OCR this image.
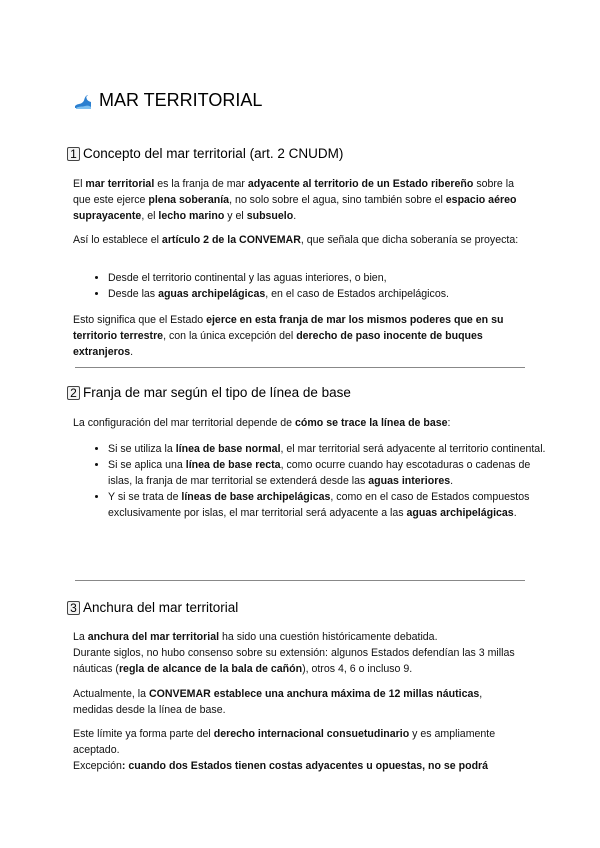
MAR TERRITORIAL
1 Concepto del mar territorial (art. 2 CNUDM)

El mar territorial es la franja de mar adyacente al territorio de un Estado ribereño sobre la que este ejerce plena soberanía, no solo sobre el agua, sino también sobre el espacio aéreo suprayacente, el lecho marino y el subsuelo.

Así lo establece el artículo 2 de la CONVEMAR, que señala que dicha soberanía se proyecta:

• Desde el territorio continental y las aguas interiores, o bien,
• Desde las aguas archipelágicas, en el caso de Estados archipelágicos.

Esto significa que el Estado ejerce en esta franja de mar los mismos poderes que en su territorio terrestre, con la única excepción del derecho de paso inocente de buques extranjeros.

2 Franja de mar según el tipo de línea de base

La configuración del mar territorial depende de cómo se trace la línea de base:

• Si se utiliza la línea de base normal, el mar territorial será adyacente al territorio continental.
• Si se aplica una línea de base recta, como ocurre cuando hay escotaduras o cadenas de islas, la franja de mar territorial se extenderá desde las aguas interiores.
• Y si se trata de líneas de base archipelágicas, como en el caso de Estados compuestos exclusivamente por islas, el mar territorial será adyacente a las aguas archipelágicas.
3 Anchura del mar territorial

La anchura del mar territorial ha sido una cuestión históricamente debatida.

Durante siglos, no hubo consenso sobre su extensión: algunos Estados defendían las 3 millas náuticas (regla de alcance de la bala de cañón), otros 4, 6 o incluso 9.

Actualmente, la CONVEMAR establece una anchura máxima de 12 millas náuticas, medidas desde la línea de base.

Este límite ya forma parte del derecho internacional consuetudinario y es ampliamente aceptado.

Excepción: cuando dos Estados tienen costas adyacentes u opuestas, no se podrá
